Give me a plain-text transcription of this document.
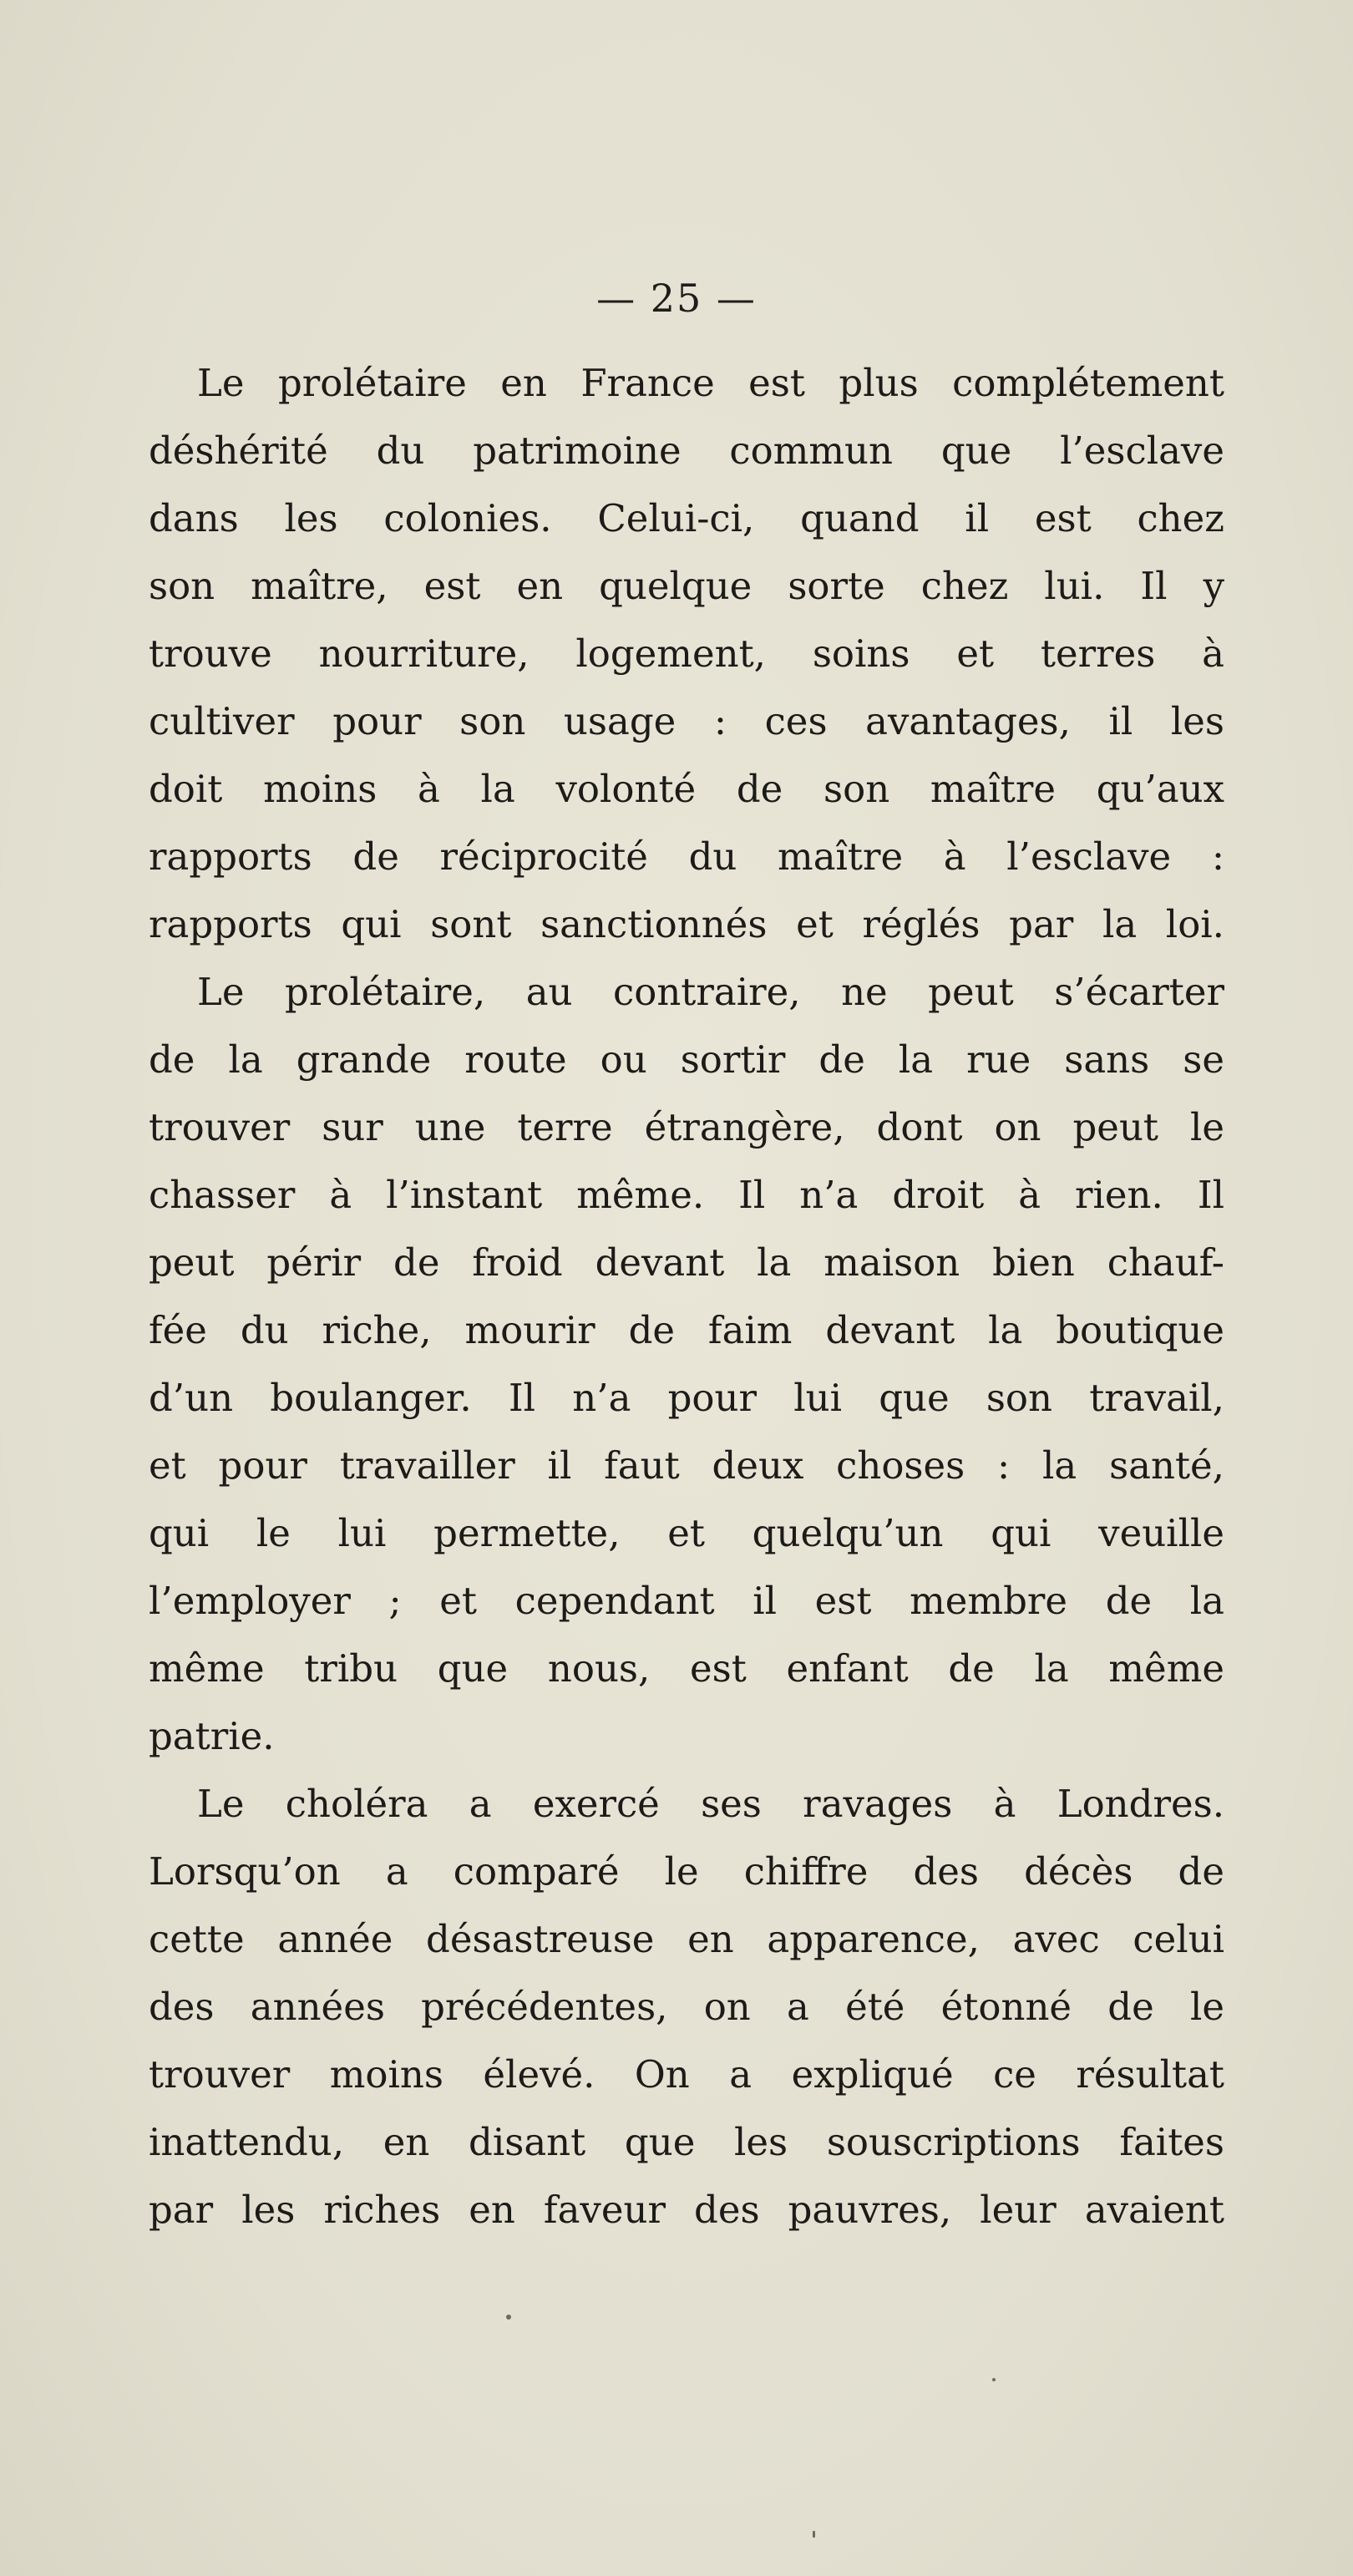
— 25 —
Le prolétaire en France est plus complétement
déshérité du patrimoine commun que l’esclave
dans les colonies. Celui-ci, quand il est chez
son maître, est en quelque sorte chez lui. Il y
trouve nourriture, logement, soins et terres à
cultiver pour son usage : ces avantages, il les
doit moins à la volonté de son maître qu’aux
rapports de réciprocité du maître à l’esclave :
rapports qui sont sanctionnés et réglés par la loi.
Le prolétaire, au contraire, ne peut s’écarter
de la grande route ou sortir de la rue sans se
trouver sur une terre étrangère, dont on peut le
chasser à l’instant même. Il n’a droit à rien. Il
peut périr de froid devant la maison bien chauf-
fée du riche, mourir de faim devant la boutique
d’un boulanger. Il n’a pour lui que son travail,
et pour travailler il faut deux choses : la santé,
qui le lui permette, et quelqu’un qui veuille
l’employer ; et cependant il est membre de la
même tribu que nous, est enfant de la même
patrie.
Le choléra a exercé ses ravages à Londres.
Lorsqu’on a comparé le chiffre des décès de
cette année désastreuse en apparence, avec celui
des années précédentes, on a été étonné de le
trouver moins élevé. On a expliqué ce résultat
inattendu, en disant que les souscriptions faites
par les riches en faveur des pauvres, leur avaient
